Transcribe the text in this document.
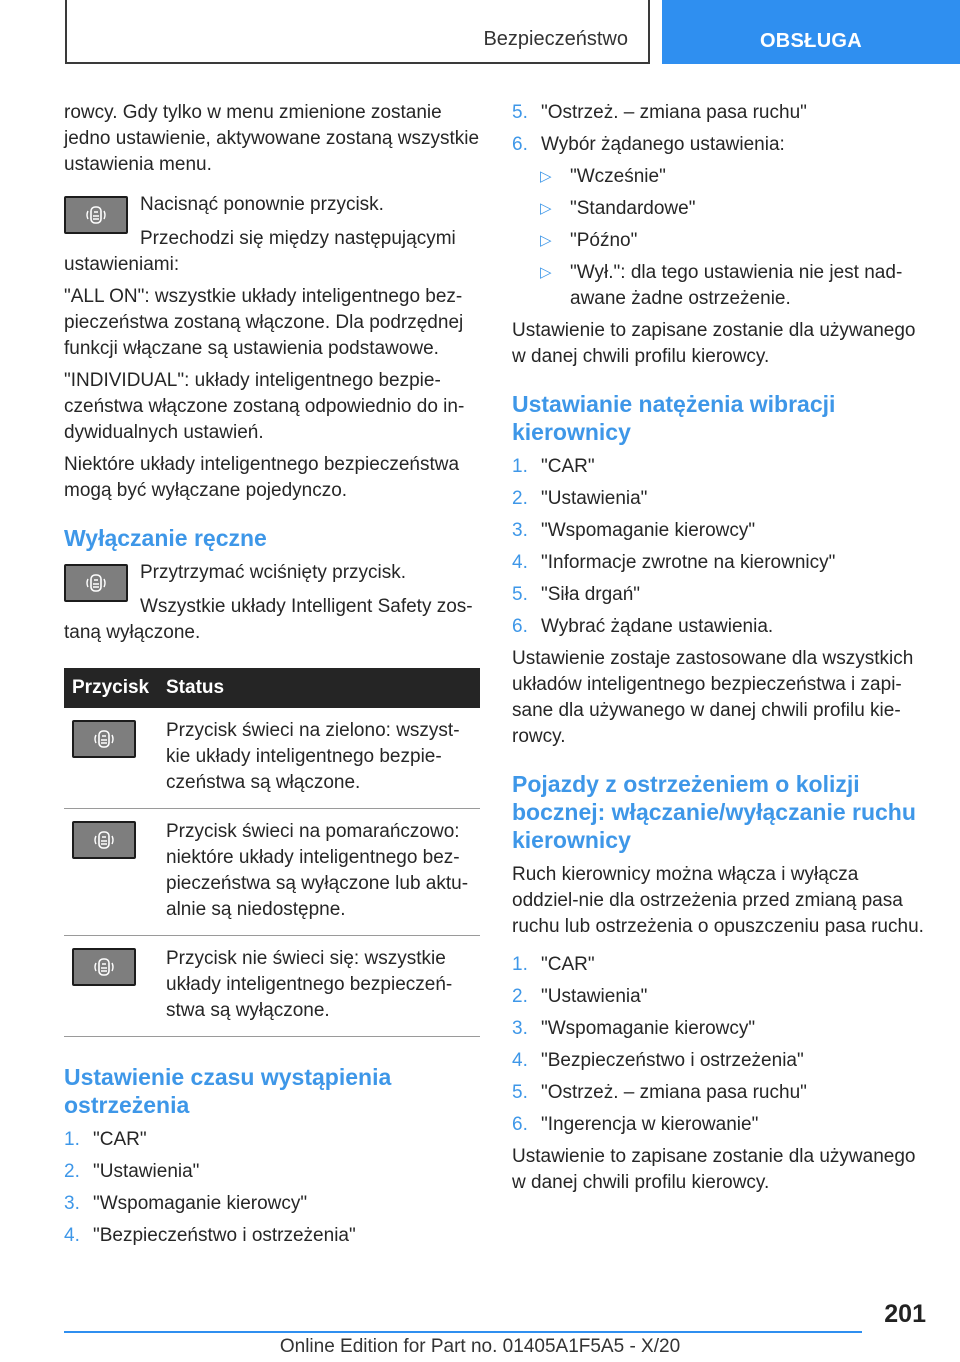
Bezpieczeństwo	OBSŁUGA

rowcy. Gdy tylko w menu zmienione zostanie jedno ustawienie, aktywowane zostaną wszystkie ustawienia menu.

Nacisnąć ponownie przycisk.

Przechodzi się między następującymi ustawieniami:

"ALL ON": wszystkie układy inteligentnego bez-pieczeństwa zostaną włączone. Dla podrzędnej funkcji włączane są ustawienia podstawowe.

"INDIVIDUAL": układy inteligentnego bezpie-czeństwa włączone zostaną odpowiednio do in-dywidualnych ustawień.

Niektóre układy inteligentnego bezpieczeństwa mogą być wyłączane pojedynczo.

Wyłączanie ręczne
Przytrzymać wciśnięty przycisk.

Wszystkie układy Intelligent Safety zos-taną wyłączone.

Przycisk	Status

	Przycisk świeci na zielono: wszyst-kie układy inteligentnego bezpie-czeństwa są włączone.

	Przycisk świeci na pomarańczowo: niektóre układy inteligentnego bez-pieczeństwa są wyłączone lub aktu-alnie są niedostępne.

	Przycisk nie świeci się: wszystkie układy inteligentnego bezpieczeń-stwa są wyłączone.
Ustawienie czasu wystąpienia ostrzeżenia
1. "CAR"
2. "Ustawienia"
3. "Wspomaganie kierowcy"
4. "Bezpieczeństwo i ostrzeżenia"
5. "Ostrzeż. – zmiana pasa ruchu"
6. Wybór żądanego ustawienia:
▷ "Wcześnie"
▷ "Standardowe"
▷ "Późno"
▷ "Wył.": dla tego ustawienia nie jest nad-awane żadne ostrzeżenie.

Ustawienie to zapisane zostanie dla używanego w danej chwili profilu kierowcy.

Ustawianie natężenia wibracji kierownicy
1. "CAR"
2. "Ustawienia"
3. "Wspomaganie kierowcy"
4. "Informacje zwrotne na kierownicy"
5. "Siła drgań"
6. Wybrać żądane ustawienia.

Ustawienie zostaje zastosowane dla wszystkich układów inteligentnego bezpieczeństwa i zapi-sane dla używanego w danej chwili profilu kie-rowcy.

Pojazdy z ostrzeżeniem o kolizji bocznej: włączanie/wyłączanie ruchu kierownicy

Ruch kierownicy można włącza i wyłącza oddziel-nie dla ostrzeżenia przed zmianą pasa ruchu lub ostrzeżenia o opuszczeniu pasa ruchu.

1. "CAR"
2. "Ustawienia"
3. "Wspomaganie kierowcy"
4. "Bezpieczeństwo i ostrzeżenia"
5. "Ostrzeż. – zmiana pasa ruchu"
6. "Ingerencja w kierowanie"

Ustawienie to zapisane zostanie dla używanego w danej chwili profilu kierowcy.

201
Online Edition for Part no. 01405A1F5A5 - X/20
